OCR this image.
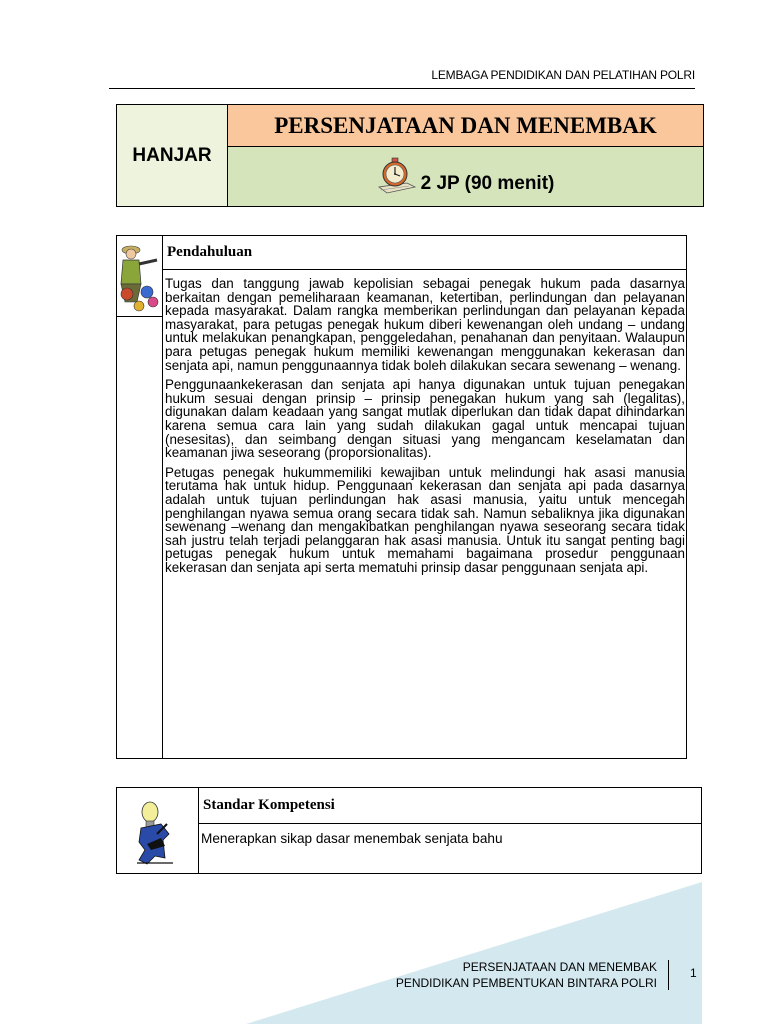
LEMBAGA PENDIDIKAN DAN PELATIHAN POLRI
HANJAR
PERSENJATAAN DAN MENEMBAK
2 JP (90 menit)
Pendahuluan

Tugas dan tanggung jawab kepolisian sebagai penegak hukum pada dasarnya berkaitan dengan pemeliharaan keamanan, ketertiban, perlindungan dan pelayanan kepada masyarakat. Dalam rangka memberikan perlindungan dan pelayanan kepada masyarakat, para petugas penegak hukum diberi kewenangan oleh undang – undang untuk melakukan penangkapan, penggeledahan, penahanan dan penyitaan. Walaupun para petugas penegak hukum memiliki kewenangan menggunakan kekerasan dan senjata api, namun penggunaannya tidak boleh dilakukan secara sewenang – wenang.

Penggunaankekerasan dan senjata api hanya digunakan untuk tujuan penegakan hukum sesuai dengan prinsip – prinsip penegakan hukum yang sah (legalitas), digunakan dalam keadaan yang sangat mutlak diperlukan dan tidak dapat dihindarkan karena semua cara lain yang sudah dilakukan gagal untuk mencapai tujuan (nesesitas), dan seimbang dengan situasi yang mengancam keselamatan dan keamanan jiwa seseorang (proporsionalitas).

Petugas penegak hukummemiliki kewajiban untuk melindungi hak asasi manusia terutama hak untuk hidup. Penggunaan kekerasan dan senjata api pada dasarnya adalah untuk tujuan perlindungan hak asasi manusia, yaitu untuk mencegah penghilangan nyawa semua orang secara tidak sah. Namun sebaliknya jika digunakan sewenang –wenang dan mengakibatkan penghilangan nyawa seseorang secara tidak sah justru telah terjadi pelanggaran hak asasi manusia. Untuk itu sangat penting bagi petugas penegak hukum untuk memahami bagaimana prosedur penggunaan kekerasan dan senjata api serta mematuhi prinsip dasar penggunaan senjata api.

Standar Kompetensi
Menerapkan sikap dasar menembak senjata bahu
PERSENJATAAN DAN MENEMBAK
PENDIDIKAN PEMBENTUKAN BINTARA POLRI
1
